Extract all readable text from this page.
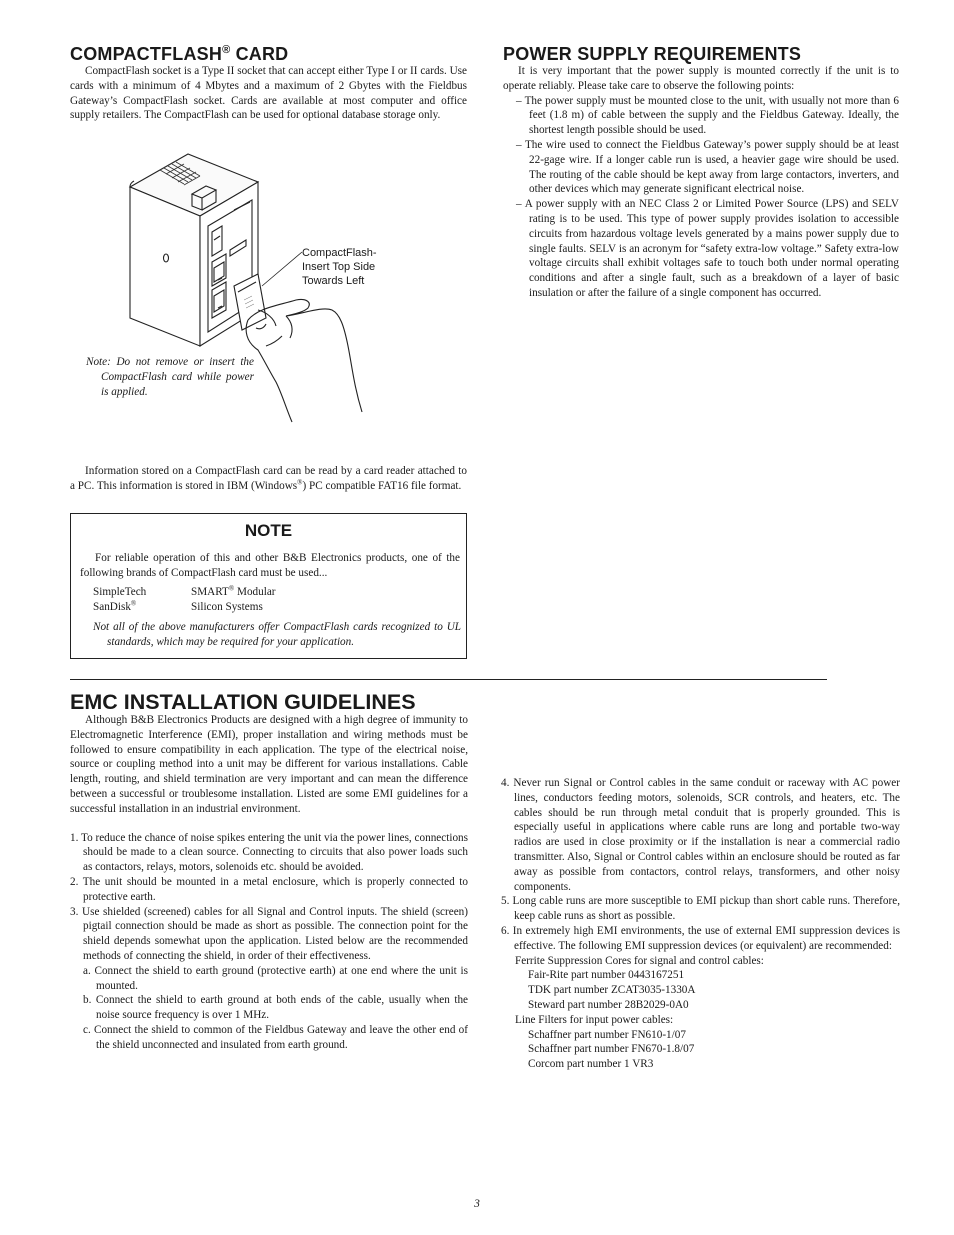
COMPACTFLASH® CARD

CompactFlash socket is a Type II socket that can accept either Type I or II cards. Use cards with a minimum of 4 Mbytes and a maximum of 2 Gbytes with the Fieldbus Gateway’s CompactFlash socket. Cards are available at most computer and office supply retailers. The CompactFlash can be used for optional database storage only.

CompactFlash-
Insert Top Side
Towards Left

Note: Do not remove or insert the CompactFlash card while power is applied.

Information stored on a CompactFlash card can be read by a card reader attached to a PC. This information is stored in IBM (Windows®) PC compatible FAT16 file format.

NOTE

For reliable operation of this and other B&B Electronics products, one of the following brands of CompactFlash card must be used...

SimpleTech
SanDisk®
SMART® Modular
Silicon Systems

Not all of the above manufacturers offer CompactFlash cards recognized to UL standards, which may be required for your application.

POWER SUPPLY REQUIREMENTS

It is very important that the power supply is mounted correctly if the unit is to operate reliably. Please take care to observe the following points:

– The power supply must be mounted close to the unit, with usually not more than 6 feet (1.8 m) of cable between the supply and the Fieldbus Gateway. Ideally, the shortest length possible should be used.

– The wire used to connect the Fieldbus Gateway’s power supply should be at least 22-gage wire. If a longer cable run is used, a heavier gage wire should be used. The routing of the cable should be kept away from large contactors, inverters, and other devices which may generate significant electrical noise.

– A power supply with an NEC Class 2 or Limited Power Source (LPS) and SELV rating is to be used. This type of power supply provides isolation to accessible circuits from hazardous voltage levels generated by a mains power supply due to single faults. SELV is an acronym for “safety extra-low voltage.” Safety extra-low voltage circuits shall exhibit voltages safe to touch both under normal operating conditions and after a single fault, such as a breakdown of a layer of basic insulation or after the failure of a single component has occurred.

EMC INSTALLATION GUIDELINES

Although B&B Electronics Products are designed with a high degree of immunity to Electromagnetic Interference (EMI), proper installation and wiring methods must be followed to ensure compatibility in each application. The type of the electrical noise, source or coupling method into a unit may be different for various installations. Cable length, routing, and shield termination are very important and can mean the difference between a successful or troublesome installation. Listed are some EMI guidelines for a successful installation in an industrial environment.

1. To reduce the chance of noise spikes entering the unit via the power lines, connections should be made to a clean source. Connecting to circuits that also power loads such as contactors, relays, motors, solenoids etc. should be avoided.

2. The unit should be mounted in a metal enclosure, which is properly connected to protective earth.

3. Use shielded (screened) cables for all Signal and Control inputs. The shield (screen) pigtail connection should be made as short as possible. The connection point for the shield depends somewhat upon the application. Listed below are the recommended methods of connecting the shield, in order of their effectiveness.

a. Connect the shield to earth ground (protective earth) at one end where the unit is mounted.

b. Connect the shield to earth ground at both ends of the cable, usually when the noise source frequency is over 1 MHz.

c. Connect the shield to common of the Fieldbus Gateway and leave the other end of the shield unconnected and insulated from earth ground.

4. Never run Signal or Control cables in the same conduit or raceway with AC power lines, conductors feeding motors, solenoids, SCR controls, and heaters, etc. The cables should be run through metal conduit that is properly grounded. This is especially useful in applications where cable runs are long and portable two-way radios are used in close proximity or if the installation is near a commercial radio transmitter. Also, Signal or Control cables within an enclosure should be routed as far away as possible from contactors, control relays, transformers, and other noisy components.

5. Long cable runs are more susceptible to EMI pickup than short cable runs. Therefore, keep cable runs as short as possible.

6. In extremely high EMI environments, the use of external EMI suppression devices is effective. The following EMI suppression devices (or equivalent) are recommended:

Ferrite Suppression Cores for signal and control cables:
Fair-Rite part number 0443167251
TDK part number ZCAT3035-1330A
Steward part number 28B2029-0A0
Line Filters for input power cables:
Schaffner part number FN610-1/07
Schaffner part number FN670-1.8/07
Corcom part number 1 VR3
3
